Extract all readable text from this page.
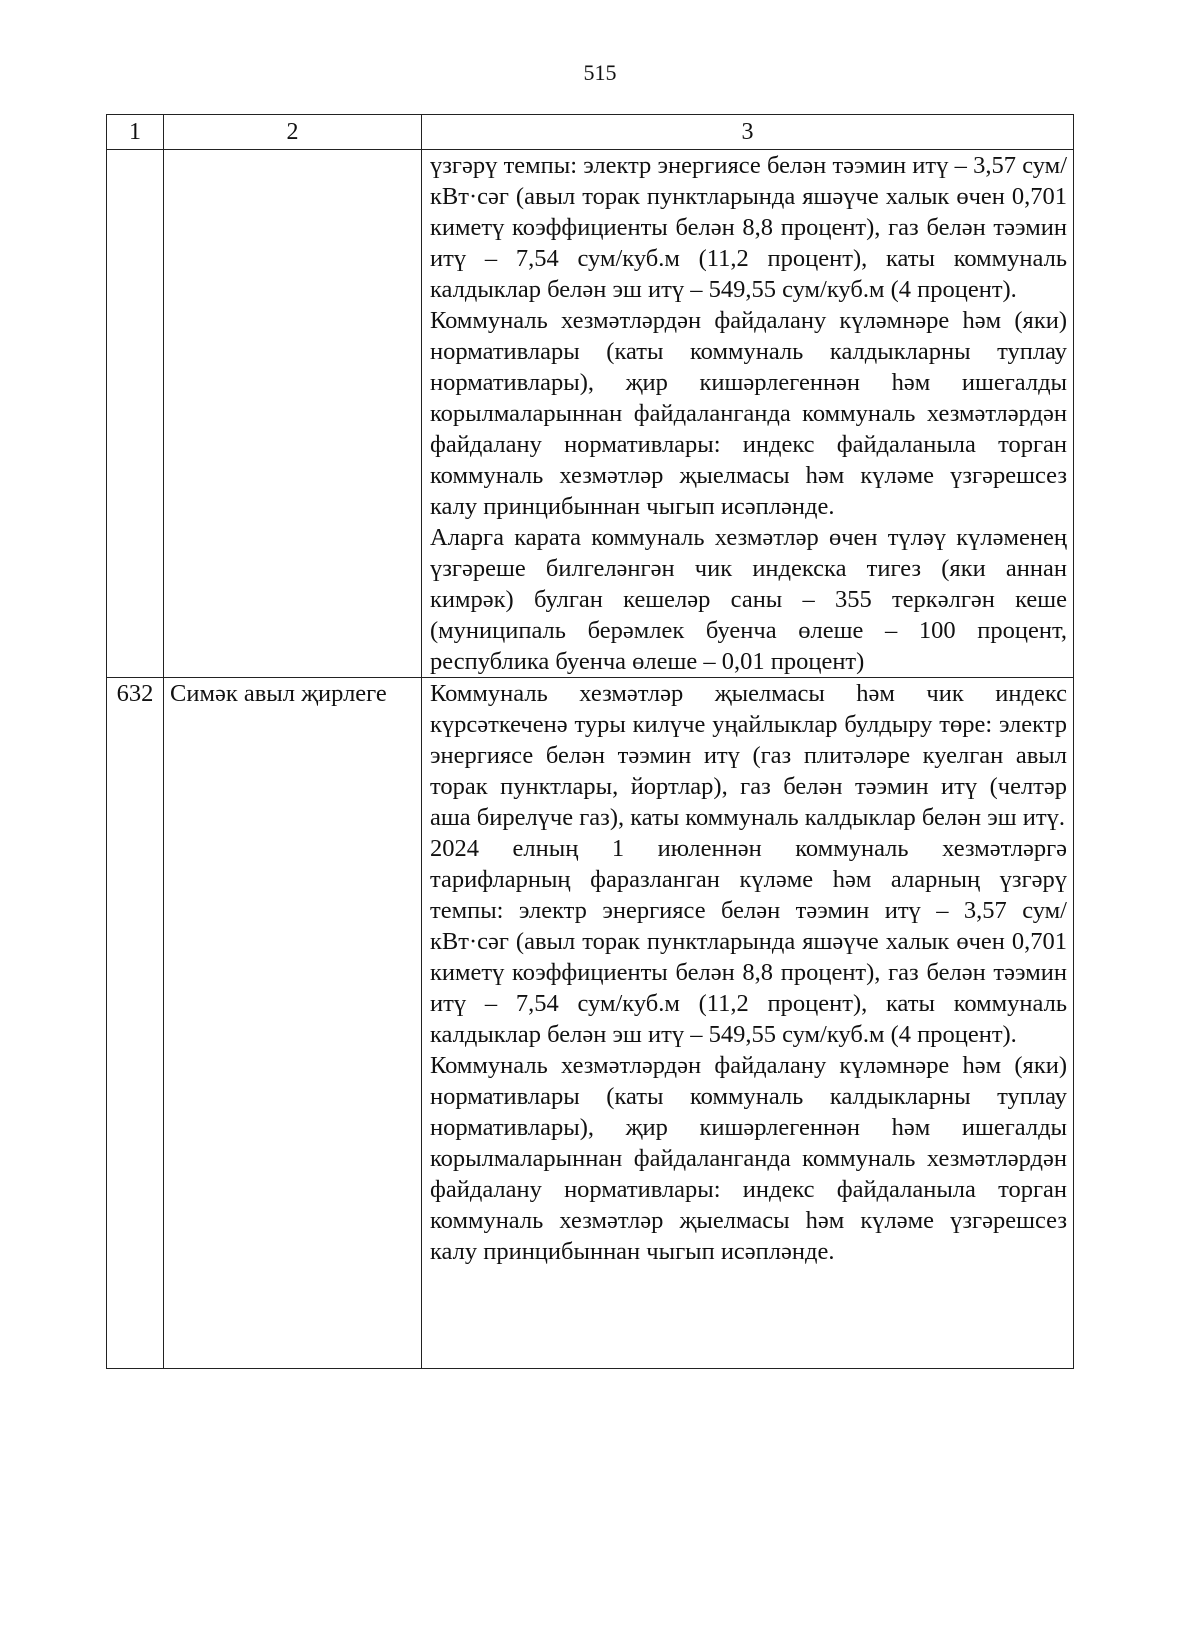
515
1	2	3

		үзгәрү темпы: электр энергиясе белән тәэмин итү – 3,57 сум/кВт·сәг (авыл торак пунктларында яшәүче халык өчен 0,701 киметү коэффициенты белән 8,8 процент), газ белән тәэмин итү – 7,54 сум/куб.м (11,2 процент), каты коммуналь калдыклар белән эш итү – 549,55 сум/куб.м (4 процент).

Коммуналь хезмәтләрдән файдалану күләмнәре һәм (яки) нормативлары (каты коммуналь калдыкларны туплау нормативлары), җир кишәрлегеннән һәм ишегалды корылмаларыннан файдаланганда коммуналь хезмәтләрдән файдалану нормативлары: индекс файдаланыла торган коммуналь хезмәтләр җыелмасы һәм күләме үзгәрешсез калу принцибыннан чыгып исәпләнде.

Аларга карата коммуналь хезмәтләр өчен түләү күләменең үзгәреше билгеләнгән чик индекска тигез (яки аннан кимрәк) булган кешеләр саны – 355 теркәлгән кеше (муниципаль берәмлек буенча өлеше – 100 процент, республика буенча өлеше – 0,01 процент)

632	Симәк авыл җирлеге	Коммуналь хезмәтләр җыелмасы һәм чик индекс күрсәткеченә туры килүче уңайлыклар булдыру төре: электр энергиясе белән тәэмин итү (газ плитәләре куелган авыл торак пунктлары, йортлар), газ белән тәэмин итү (челтәр аша бирелүче газ), каты коммуналь калдыклар белән эш итү.

2024 елның 1 июленнән коммуналь хезмәтләргә тарифларның фаразланган күләме һәм аларның үзгәрү темпы: электр энергиясе белән тәэмин итү – 3,57 сум/кВт·сәг (авыл торак пунктларында яшәүче халык өчен 0,701 киметү коэффициенты белән 8,8 процент), газ белән тәэмин итү – 7,54 сум/куб.м (11,2 процент), каты коммуналь калдыклар белән эш итү – 549,55 сум/куб.м (4 процент).

Коммуналь хезмәтләрдән файдалану күләмнәре һәм (яки) нормативлары (каты коммуналь калдыкларны туплау нормативлары), җир кишәрлегеннән һәм ишегалды корылмаларыннан файдаланганда коммуналь хезмәтләрдән файдалану нормативлары: индекс файдаланыла торган коммуналь хезмәтләр җыелмасы һәм күләме үзгәрешсез калу принцибыннан чыгып исәпләнде.
